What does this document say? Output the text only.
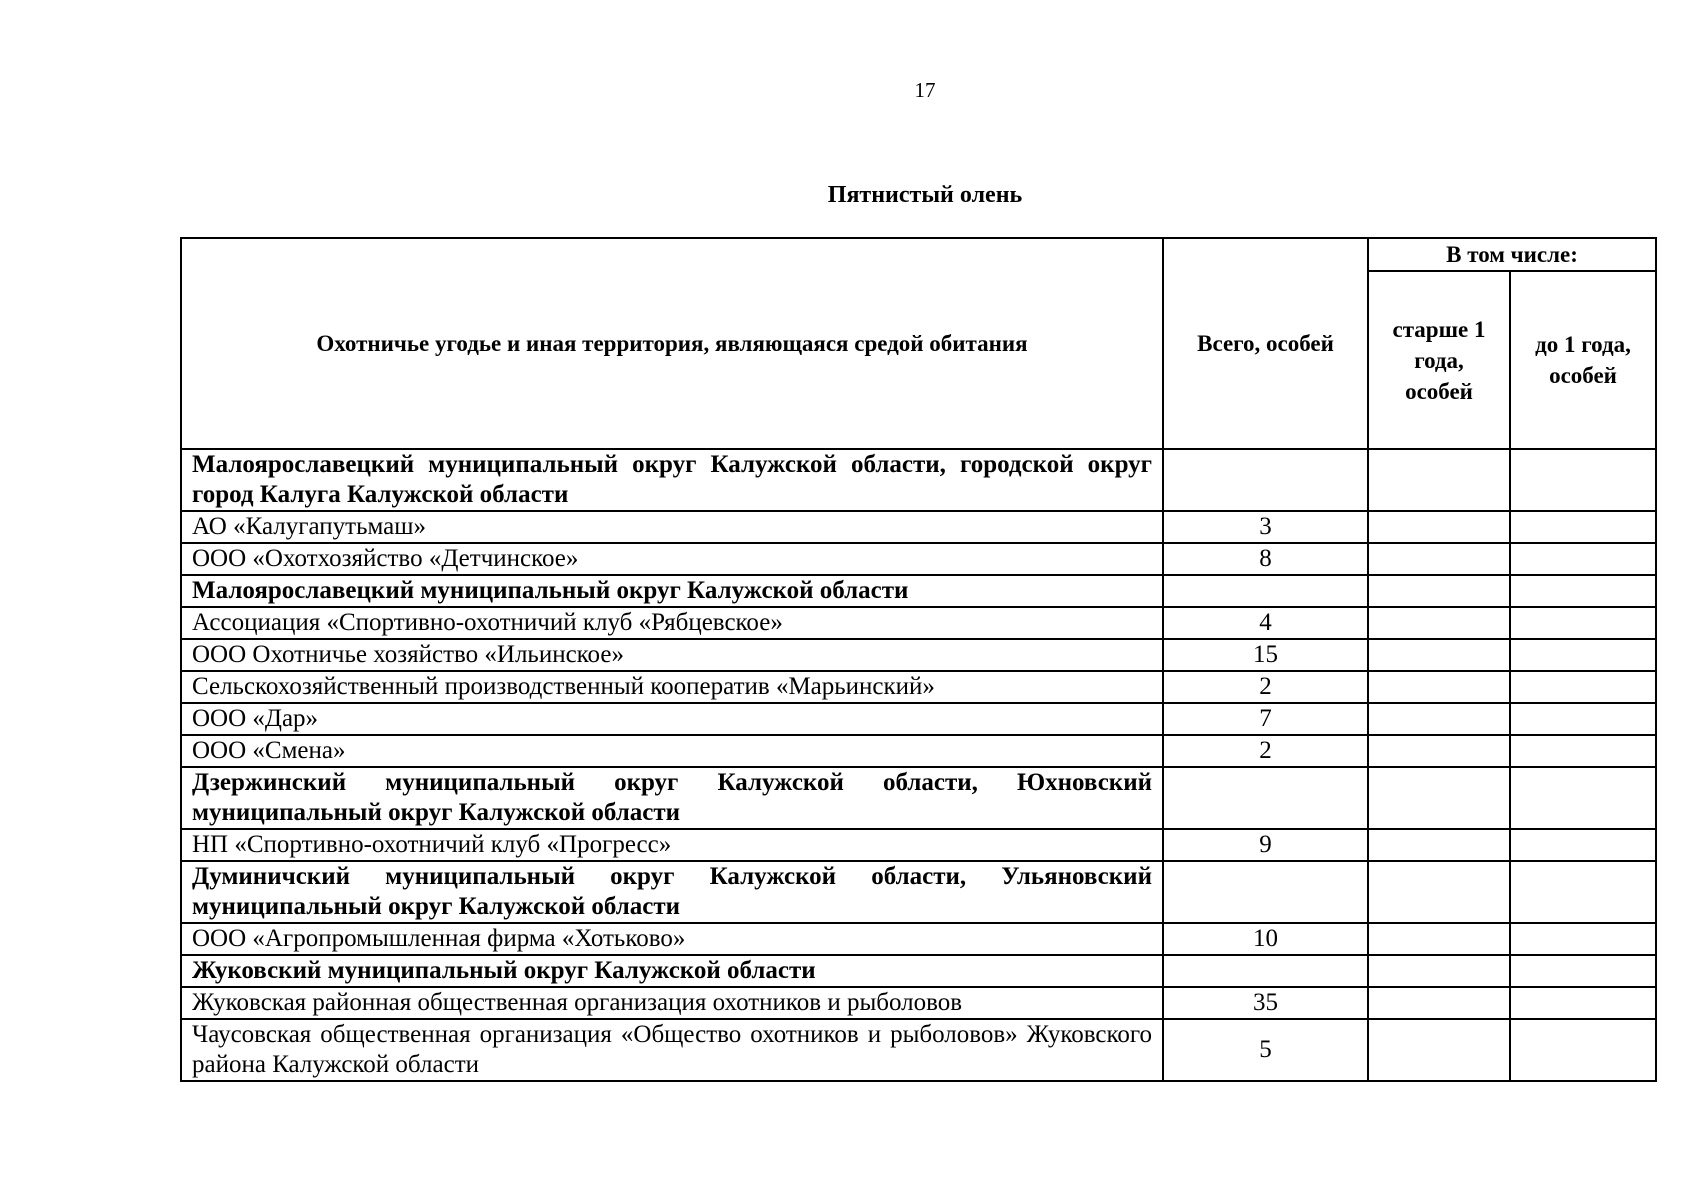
17
Пятнистый олень
Охотничье угодье и иная территория, являющаяся средой обитания	Всего, особей	В том числе:	
		старше 1 года, особей	до 1 года, особей
Малоярославецкий муниципальный округ Калужской области, городской округ город Калуга Калужской области			
АО «Калугапутьмаш»	3		
ООО «Охотхозяйство «Детчинское»	8		
Малоярославецкий муниципальный округ Калужской области			
Ассоциация «Спортивно-охотничий клуб «Рябцевское»	4		
ООО Охотничье хозяйство «Ильинское»	15		
Сельскохозяйственный производственный кооператив «Марьинский»	2		
ООО «Дар»	7		
ООО «Смена»	2		
Дзержинский муниципальный округ Калужской области, Юхновский муниципальный округ Калужской области			
НП «Спортивно-охотничий клуб «Прогресс»	9		
Думиничский муниципальный округ Калужской области, Ульяновский муниципальный округ Калужской области			
ООО «Агропромышленная фирма «Хотьково»	10		
Жуковский муниципальный округ Калужской области			
Жуковская районная общественная организация охотников и рыболовов	35		
Чаусовская общественная организация «Общество охотников и рыболовов» Жуковского района Калужской области	5		
